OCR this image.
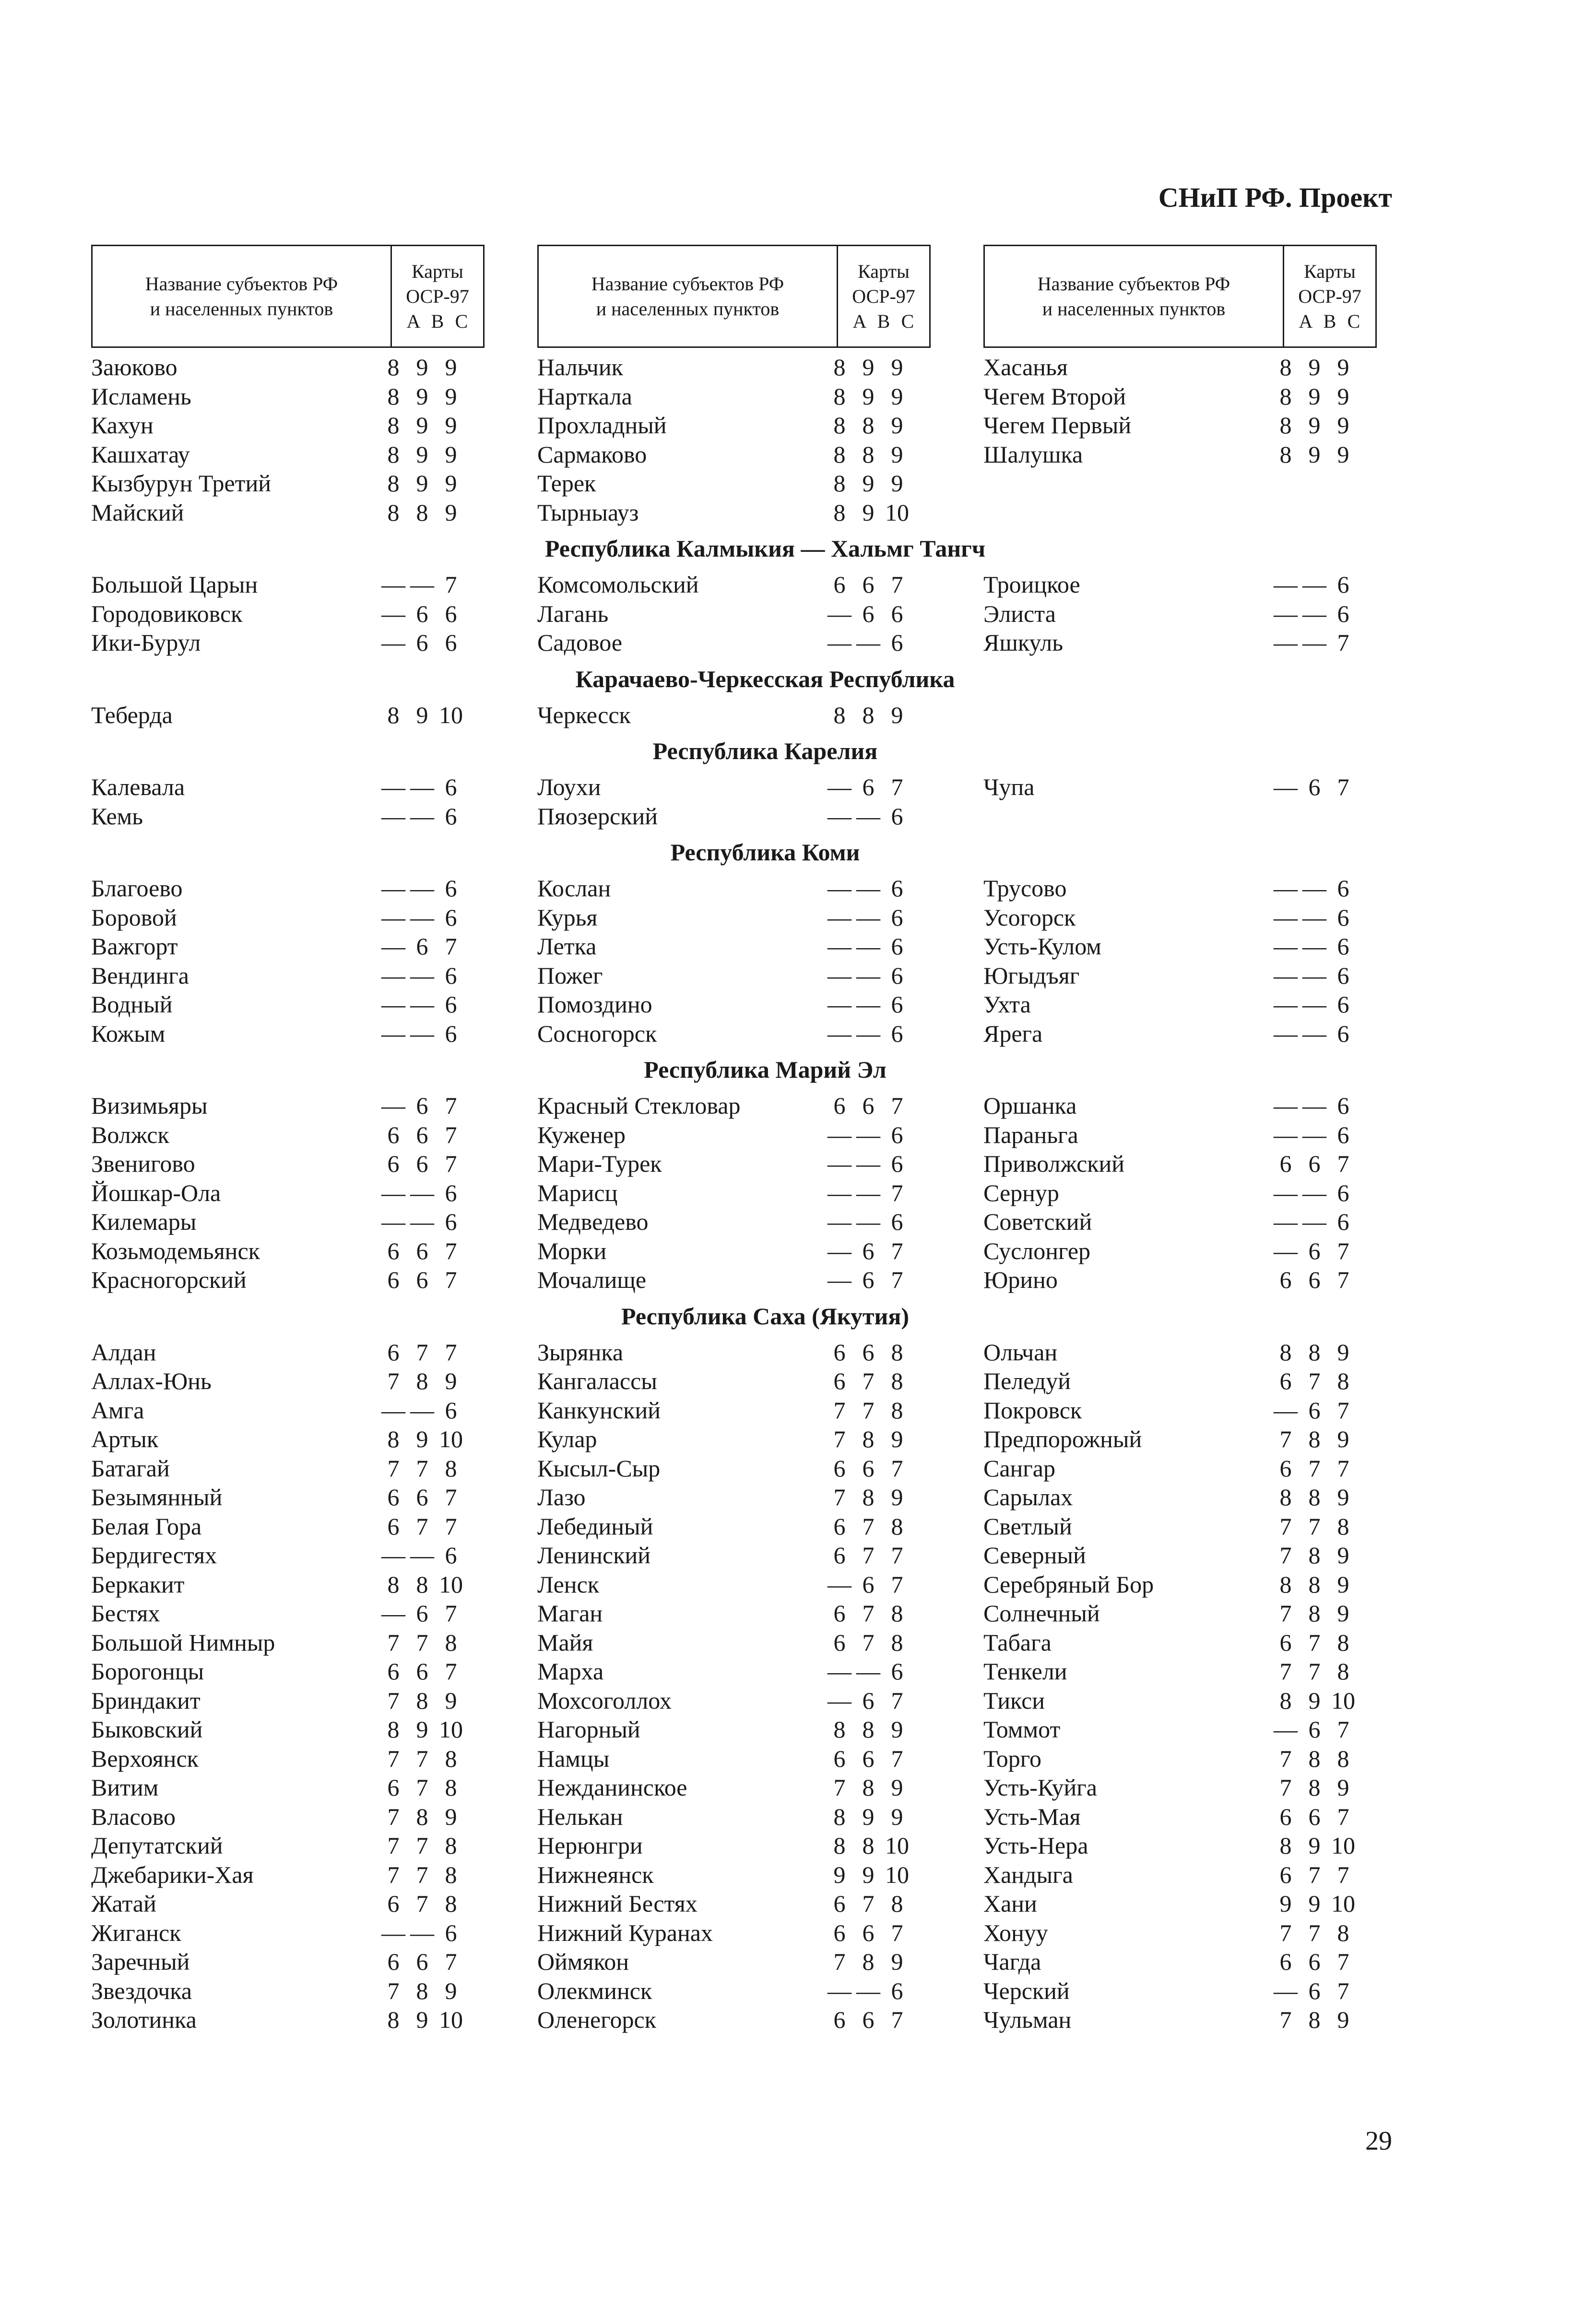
СНиП РФ. Проект
Название субъектов РФ
и населенных пунктов
Карты
ОСР-97
A B C
Название субъектов РФ
и населенных пунктов
Карты
ОСР-97
A B C
Название субъектов РФ
и населенных пунктов
Карты
ОСР-97
A B C
Заюково	8 9 9
Исламень	8 9 9
Кахун	8 9 9
Кашхатау	8 9 9
Кызбурун Третий	8 9 9
Майский	8 8 9
Нальчик	8 9 9
Нарткала	8 9 9
Прохладный	8 8 9
Сармаково	8 8 9
Терек	8 9 9
Тырныауз	8 9 10
Хасанья	8 9 9
Чегем Второй	8 9 9
Чегем Первый	8 9 9
Шалушка	8 9 9
Республика Калмыкия — Хальмг Тангч
Большой Царын	— — 7
Городовиковск	— 6 6
Ики-Бурул	— 6 6
Комсомольский	6 6 7
Лагань	— 6 6
Садовое	— — 6
Троицкое	— — 6
Элиста	— — 6
Яшкуль	— — 7
Карачаево-Черкесская Республика
Теберда	8 9 10	Черкесск	8 8 9
Республика Карелия
Калевала	— — 6
Кемь	— — 6
Лоухи	— 6 7
Пяозерский	— — 6
Чупа	— 6 7
Республика Коми
Благоево	— — 6
Боровой	— — 6
Важгорт	— 6 7
Вендинга	— — 6
Водный	— — 6
Кожым	— — 6
Кослан	— — 6
Курья	— — 6
Летка	— — 6
Пожег	— — 6
Помоздино	— — 6
Сосногорск	— — 6
Трусово	— — 6
Усогорск	— — 6
Усть-Кулом	— — 6
Югыдъяг	— — 6
Ухта	— — 6
Ярега	— — 6
Республика Марий Эл
Визимьяры	— 6 7
Волжск	6 6 7
Звенигово	6 6 7
Йошкар-Ола	— — 6
Килемары	— — 6
Козьмодемьянск	6 6 7
Красногорский	6 6 7
Красный Стекловар	6 6 7
Куженер	— — 6
Мари-Турек	— — 6
Марисц	— — 7
Медведево	— — 6
Морки	— 6 7
Мочалище	— 6 7
Оршанка	— — 6
Параньга	— — 6
Приволжский	6 6 7
Сернур	— — 6
Советский	— — 6
Суслонгер	— 6 7
Юрино	6 6 7
Республика Саха (Якутия)
Алдан	6 7 7
Аллах-Юнь	7 8 9
Амга	— — 6
Артык	8 9 10
Батагай	7 7 8
Безымянный	6 6 7
Белая Гора	6 7 7
Бердигестях	— — 6
Беркакит	8 8 10
Бестях	— 6 7
Большой Нимныр	7 7 8
Борогонцы	6 6 7
Бриндакит	7 8 9
Быковский	8 9 10
Верхоянск	7 7 8
Витим	6 7 8
Власово	7 8 9
Депутатский	7 7 8
Джебарики-Хая	7 7 8
Жатай	6 7 8
Жиганск	— — 6
Заречный	6 6 7
Звездочка	7 8 9
Золотинка	8 9 10
Зырянка	6 6 8
Кангалассы	6 7 8
Канкунский	7 7 8
Кулар	7 8 9
Кысыл-Сыр	6 6 7
Лазо	7 8 9
Лебединый	6 7 8
Ленинский	6 7 7
Ленск	— 6 7
Маган	6 7 8
Майя	6 7 8
Марха	— — 6
Мохсоголлох	— 6 7
Нагорный	8 8 9
Намцы	6 6 7
Нежданинское	7 8 9
Нелькан	8 9 9
Нерюнгри	8 8 10
Нижнеянск	9 9 10
Нижний Бестях	6 7 8
Нижний Куранах	6 6 7
Оймякон	7 8 9
Олекминск	— — 6
Оленегорск	6 6 7
Ольчан	8 8 9
Пеледуй	6 7 8
Покровск	— 6 7
Предпорожный	7 8 9
Сангар	6 7 7
Сарылах	8 8 9
Светлый	7 7 8
Северный	7 8 9
Серебряный Бор	8 8 9
Солнечный	7 8 9
Табага	6 7 8
Тенкели	7 7 8
Тикси	8 9 10
Томмот	— 6 7
Торго	7 8 8
Усть-Куйга	7 8 9
Усть-Мая	6 6 7
Усть-Нера	8 9 10
Хандыга	6 7 7
Хани	9 9 10
Хонуу	7 7 8
Чагда	6 6 7
Черский	— 6 7
Чульман	7 8 9
29
